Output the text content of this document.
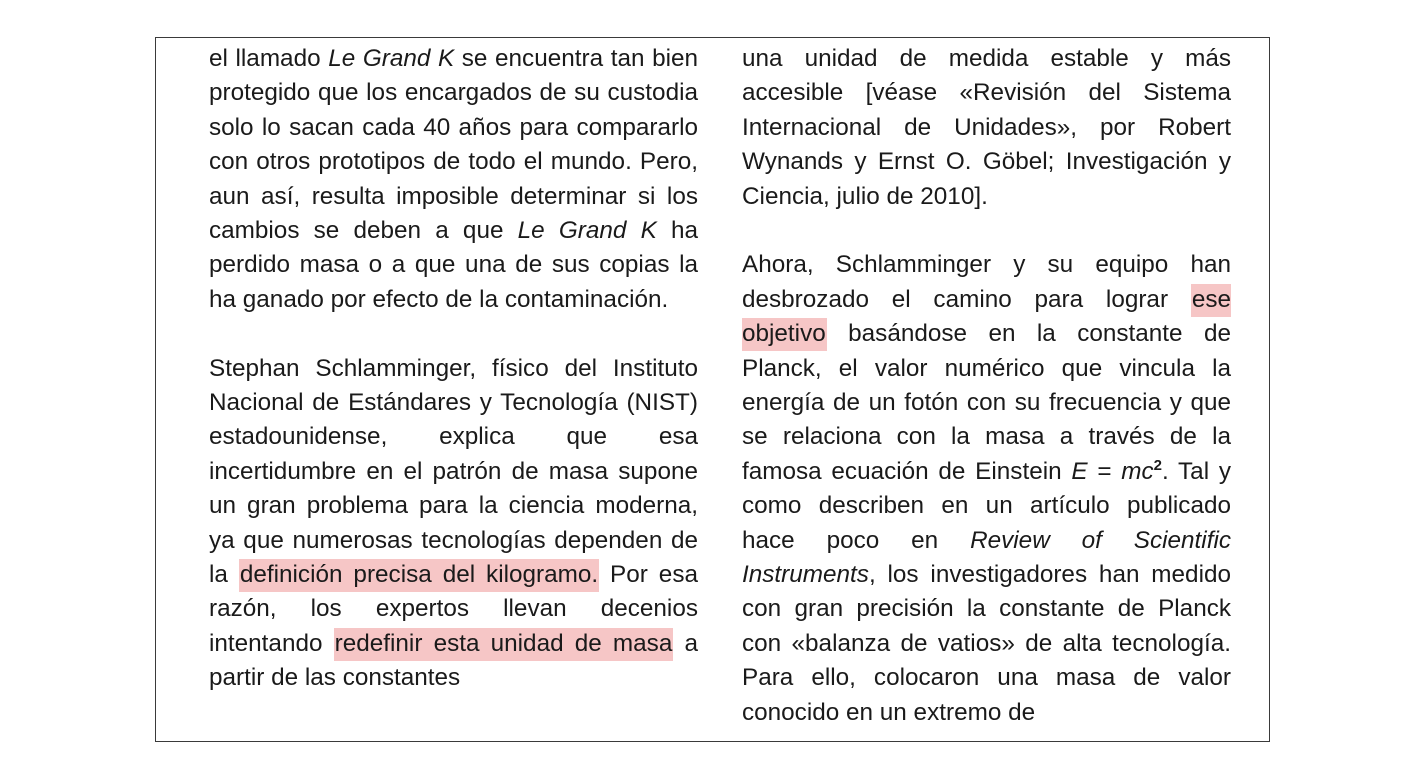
el llamado Le Grand K se encuentra tan bien protegido que los encargados de su custodia solo lo sacan cada 40 años para compararlo con otros prototipos de todo el mundo. Pero, aun así, resulta imposible determinar si los cambios se deben a que Le Grand K ha perdido masa o a que una de sus copias la ha ganado por efecto de la contaminación.

Stephan Schlamminger, físico del Instituto Nacional de Estándares y Tecnología (NIST) estadounidense, explica que esa incertidumbre en el patrón de masa supone un gran problema para la ciencia moderna, ya que numerosas tecnologías dependen de la definición precisa del kilogramo. Por esa razón, los expertos llevan decenios intentando redefinir esta unidad de masa a partir de las constantes

una unidad de medida estable y más accesible [véase «Revisión del Sistema Internacional de Unidades», por Robert Wynands y Ernst O. Göbel; Investigación y Ciencia, julio de 2010].

Ahora, Schlamminger y su equipo han desbrozado el camino para lograr ese objetivo basándose en la constante de Planck, el valor numérico que vincula la energía de un fotón con su frecuencia y que se relaciona con la masa a través de la famosa ecuación de Einstein $E = mc^2$. Tal y como describen en un artículo publicado hace poco en Review of Scientific Instruments, los investigadores han medido con gran precisión la constante de Planck con «balanza de vatios» de alta tecnología. Para ello, colocaron una masa de valor conocido en un extremo de
